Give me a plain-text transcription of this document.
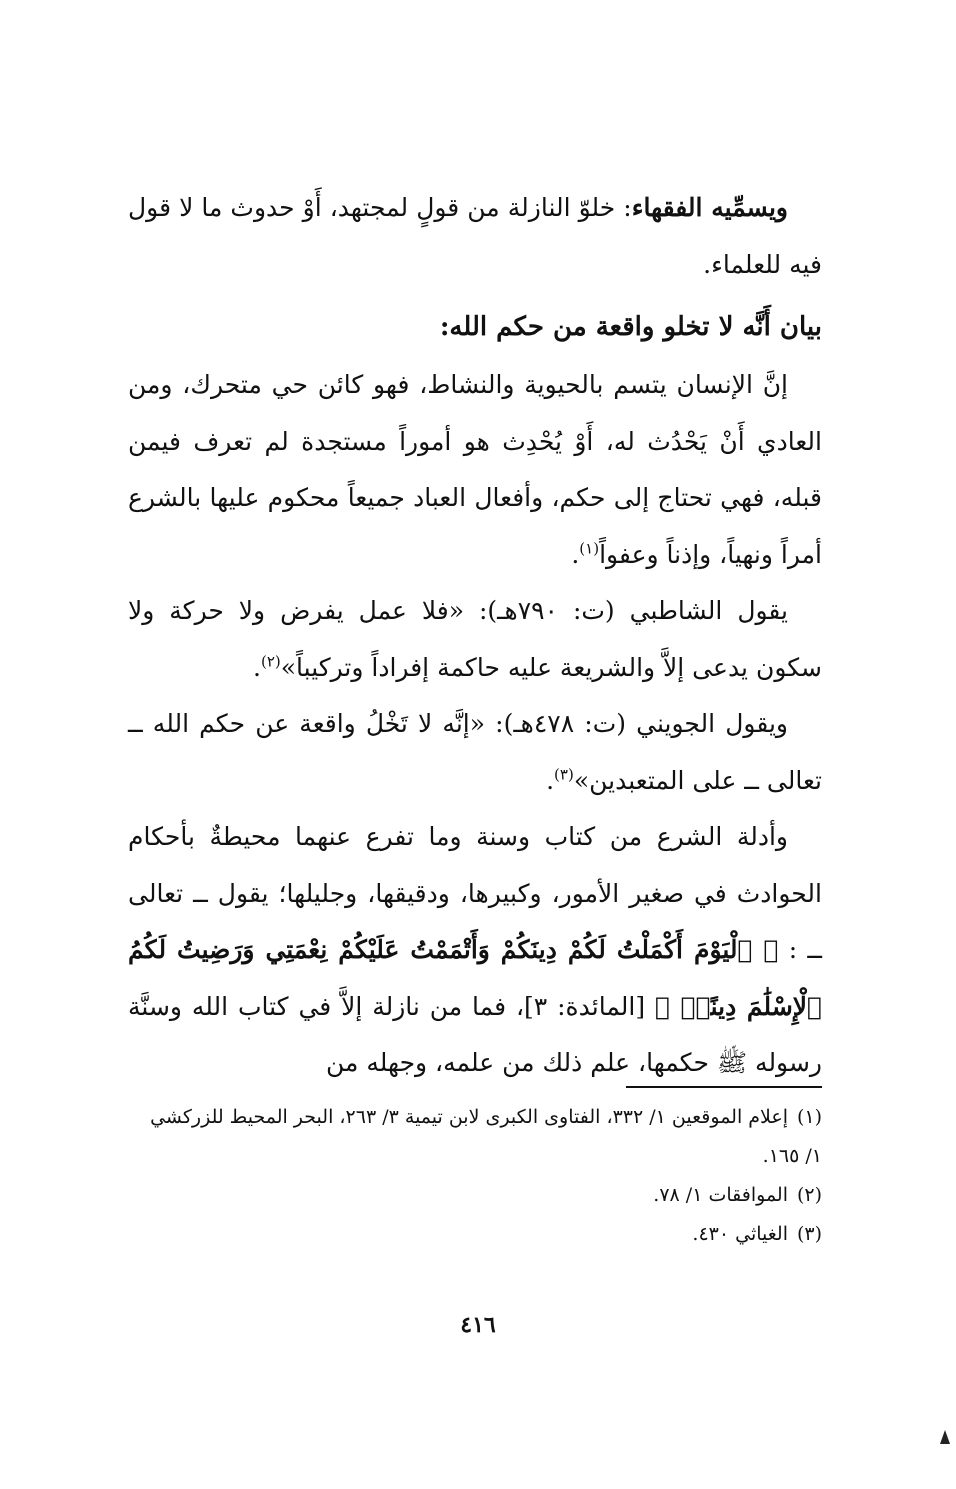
ويسمِّيه الفقهاء: خلوّ النازلة من قولٍ لمجتهد، أَوْ حدوث ما لا قول فيه للعلماء.

بيان أَنَّه لا تخلو واقعة من حكم الله:

إنَّ الإنسان يتسم بالحيوية والنشاط، فهو كائن حي متحرك، ومن العادي أَنْ يَحْدُث له، أَوْ يُحْدِث هو أموراً مستجدة لم تعرف فيمن قبله، فهي تحتاج إلى حكم، وأفعال العباد جميعاً محكوم عليها بالشرع أمراً ونهياً، وإذناً وعفواً$^{(١)}$.

يقول الشاطبي (ت: ٧٩٠هـ): «فلا عمل يفرض ولا حركة ولا سكون يدعى إلاَّ والشريعة عليه حاكمة إفراداً وتركيباً»$^{(٢)}$.

ويقول الجويني (ت: ٤٧٨هـ): «إنَّه لا تَخْلُ واقعة عن حكم الله ــ تعالى ــ على المتعبدين»$^{(٣)}$.

وأدلة الشرع من كتاب وسنة وما تفرع عنهما محيطةٌ بأحكام الحوادث في صغير الأمور، وكبيرها، ودقيقها، وجليلها؛ يقول ــ تعالى ــ : ﴿ ٱلْيَوْمَ أَكْمَلْتُ لَكُمْ دِينَكُمْ وَأَتْمَمْتُ عَلَيْكُمْ نِعْمَتِي وَرَضِيتُ لَكُمُ ٱلْإِسْلَٰمَ دِينًاۚ ﴾ [المائدة: ٣]، فما من نازلة إلاَّ في كتاب الله وسنَّة رسوله ﷺ حكمها، علم ذلك من علمه، وجهله من

(١)إعلام الموقعين ١/ ٣٣٢، الفتاوى الكبرى لابن تيمية ٣/ ٢٦٣، البحر المحيط للزركشي ١/ ١٦٥.

(٢)الموافقات ١/ ٧٨.

(٣)الغياثي ٤٣٠.

٤١٦
